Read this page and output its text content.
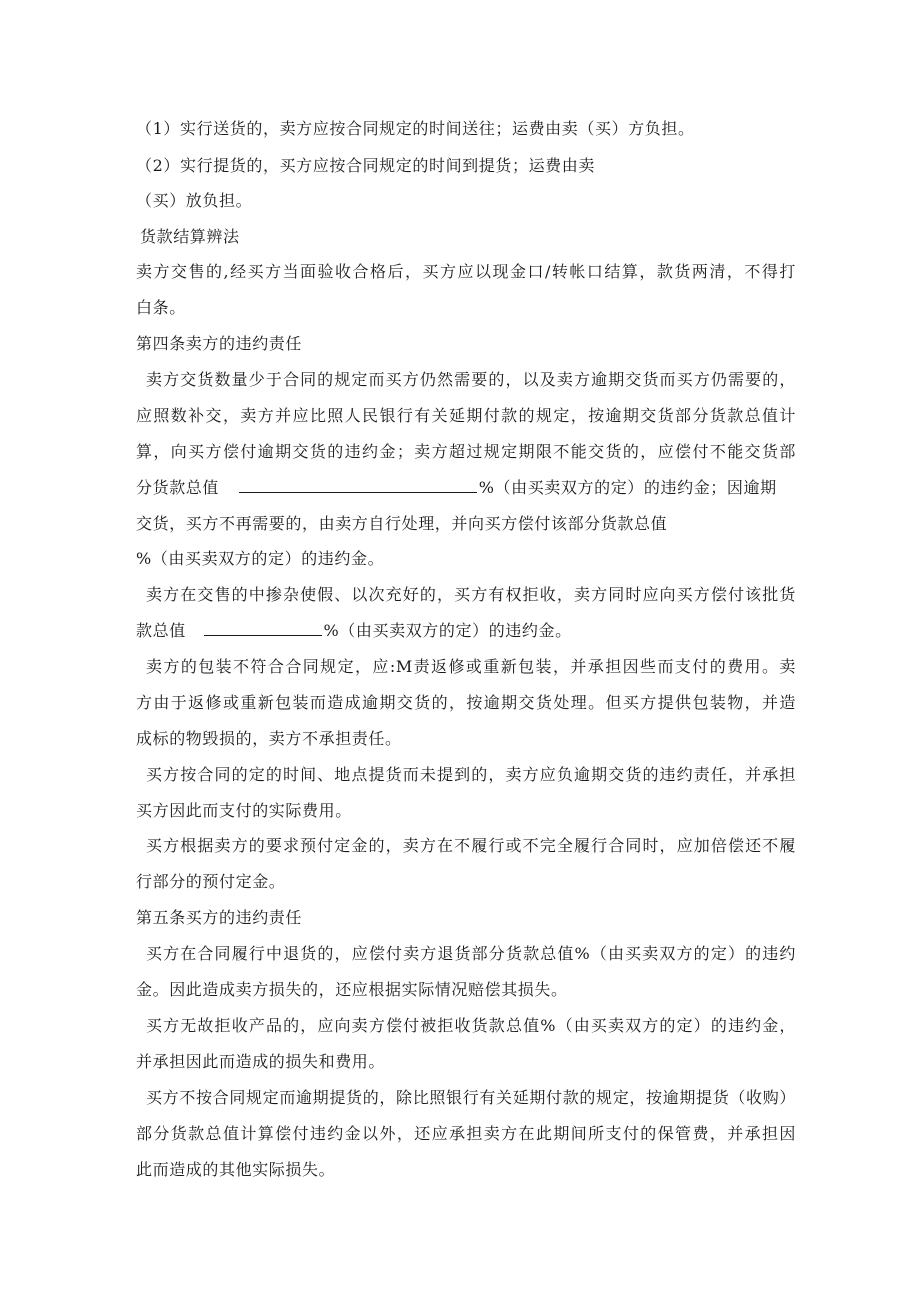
（1）实行送货的，卖方应按合同规定的时间送往；运费由卖（买）方负担。
（2）实行提货的，买方应按合同规定的时间到提货；运费由卖
（买）放负担。
货款结算辨法
卖方交售的,经买方当面验收合格后，买方应以现金口/转帐口结算，款货两清，不得打
白条。
第四条卖方的违约责任
卖方交货数量少于合同的规定而买方仍然需要的，以及卖方逾期交货而买方仍需要的，
应照数补交，卖方并应比照人民银行有关延期付款的规定，按逾期交货部分货款总值计
算，向买方偿付逾期交货的违约金；卖方超过规定期限不能交货的，应偿付不能交货部
分货款总值	%（由买卖双方的定）的违约金；因逾期
交货，买方不再需要的，由卖方自行处理，并向买方偿付该部分货款总值
%（由买卖双方的定）的违约金。
卖方在交售的中掺杂使假、以次充好的，买方有权拒收，卖方同时应向买方偿付该批货
款总值	%（由买卖双方的定）的违约金。
卖方的包装不符合合同规定，应:M责返修或重新包装，并承担因些而支付的费用。卖
方由于返修或重新包装而造成逾期交货的，按逾期交货处理。但买方提供包装物，并造
成标的物毁损的，卖方不承担责任。
买方按合同的定的时间、地点提货而未提到的，卖方应负逾期交货的违约责任，并承担
买方因此而支付的实际费用。
买方根据卖方的要求预付定金的，卖方在不履行或不完全履行合同时，应加倍偿还不履
行部分的预付定金。
第五条买方的违约责任
买方在合同履行中退货的，应偿付卖方退货部分货款总值%（由买卖双方的定）的违约
金。因此造成卖方损失的，还应根据实际情况赔偿其损失。
买方无故拒收产品的，应向卖方偿付被拒收货款总值%（由买卖双方的定）的违约金，
并承担因此而造成的损失和费用。
买方不按合同规定而逾期提货的，除比照银行有关延期付款的规定，按逾期提货（收购）
部分货款总值计算偿付违约金以外，还应承担卖方在此期间所支付的保管费，并承担因
此而造成的其他实际损失。
